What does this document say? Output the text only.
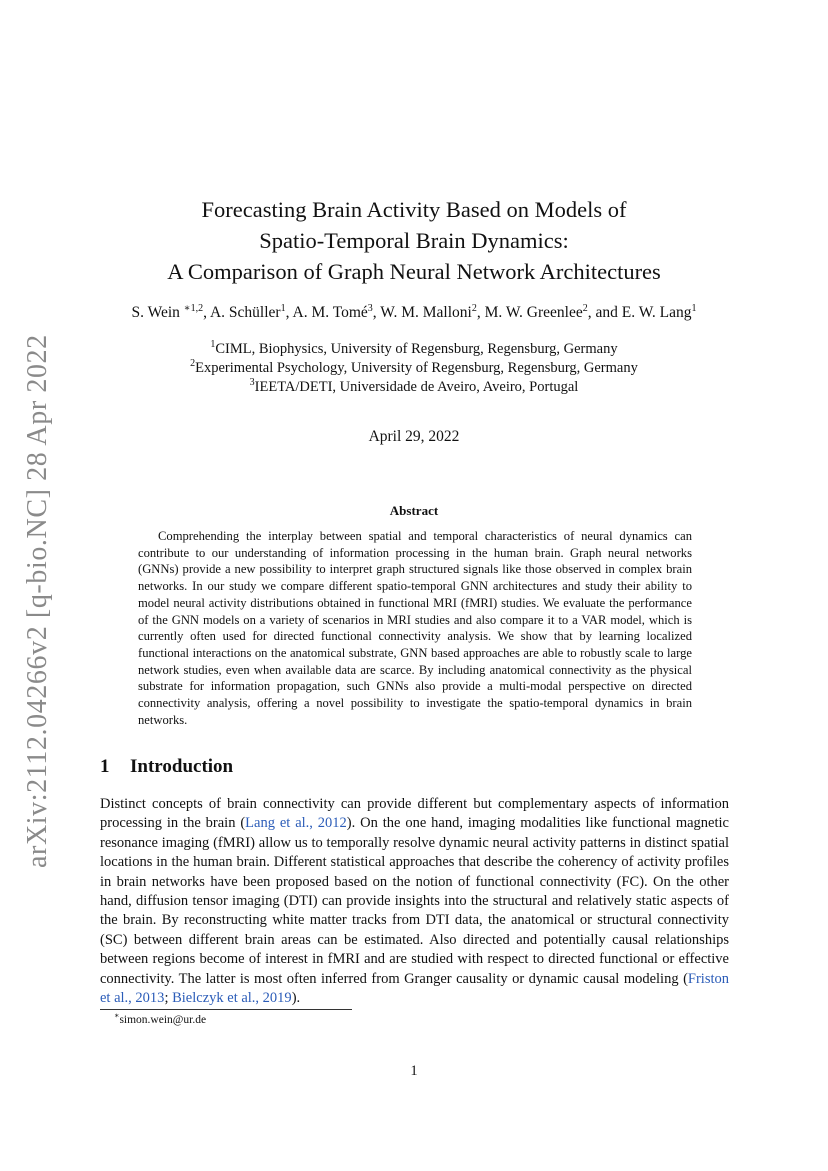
arXiv:2112.04266v2 [q-bio.NC] 28 Apr 2022
Forecasting Brain Activity Based on Models of
Spatio-Temporal Brain Dynamics:
A Comparison of Graph Neural Network Architectures
S. Wein $^{∗1,2}$, A. Schüller$^1$, A. M. Tomé$^3$, W. M. Malloni$^2$, M. W. Greenlee$^2$, and E. W. Lang$^1$
$^1$CIML, Biophysics, University of Regensburg, Regensburg, Germany
$^2$Experimental Psychology, University of Regensburg, Regensburg, Germany
$^3$IEETA/DETI, Universidade de Aveiro, Aveiro, Portugal
April 29, 2022
Abstract

Comprehending the interplay between spatial and temporal characteristics of neural dynamics can contribute to our understanding of information processing in the human brain. Graph neural networks (GNNs) provide a new possibility to interpret graph structured signals like those observed in complex brain networks. In our study we compare different spatio-temporal GNN architectures and study their ability to model neural activity distributions obtained in functional MRI (fMRI) studies. We evaluate the performance of the GNN models on a variety of scenarios in MRI studies and also compare it to a VAR model, which is currently often used for directed functional connectivity analysis. We show that by learning localized functional interactions on the anatomical substrate, GNN based approaches are able to robustly scale to large network studies, even when available data are scarce. By including anatomical connectivity as the physical substrate for information propagation, such GNNs also provide a multi-modal perspective on directed connectivity analysis, offering a novel possibility to investigate the spatio-temporal dynamics in brain networks.

1 Introduction

Distinct concepts of brain connectivity can provide different but complementary aspects of information processing in the brain (Lang et al., 2012). On the one hand, imaging modalities like functional magnetic resonance imaging (fMRI) allow us to temporally resolve dynamic neural activity patterns in distinct spatial locations in the human brain. Different statistical approaches that describe the coherency of activity profiles in brain networks have been proposed based on the notion of functional connectivity (FC). On the other hand, diffusion tensor imaging (DTI) can provide insights into the structural and relatively static aspects of the brain. By reconstructing white matter tracks from DTI data, the anatomical or structural connectivity (SC) between different brain areas can be estimated. Also directed and potentially causal relationships between regions become of interest in fMRI and are studied with respect to directed functional or effective connectivity. The latter is most often inferred from Granger causality or dynamic causal modeling (Friston et al., 2013; Bielczyk et al., 2019).

∗simon.wein@ur.de
1
